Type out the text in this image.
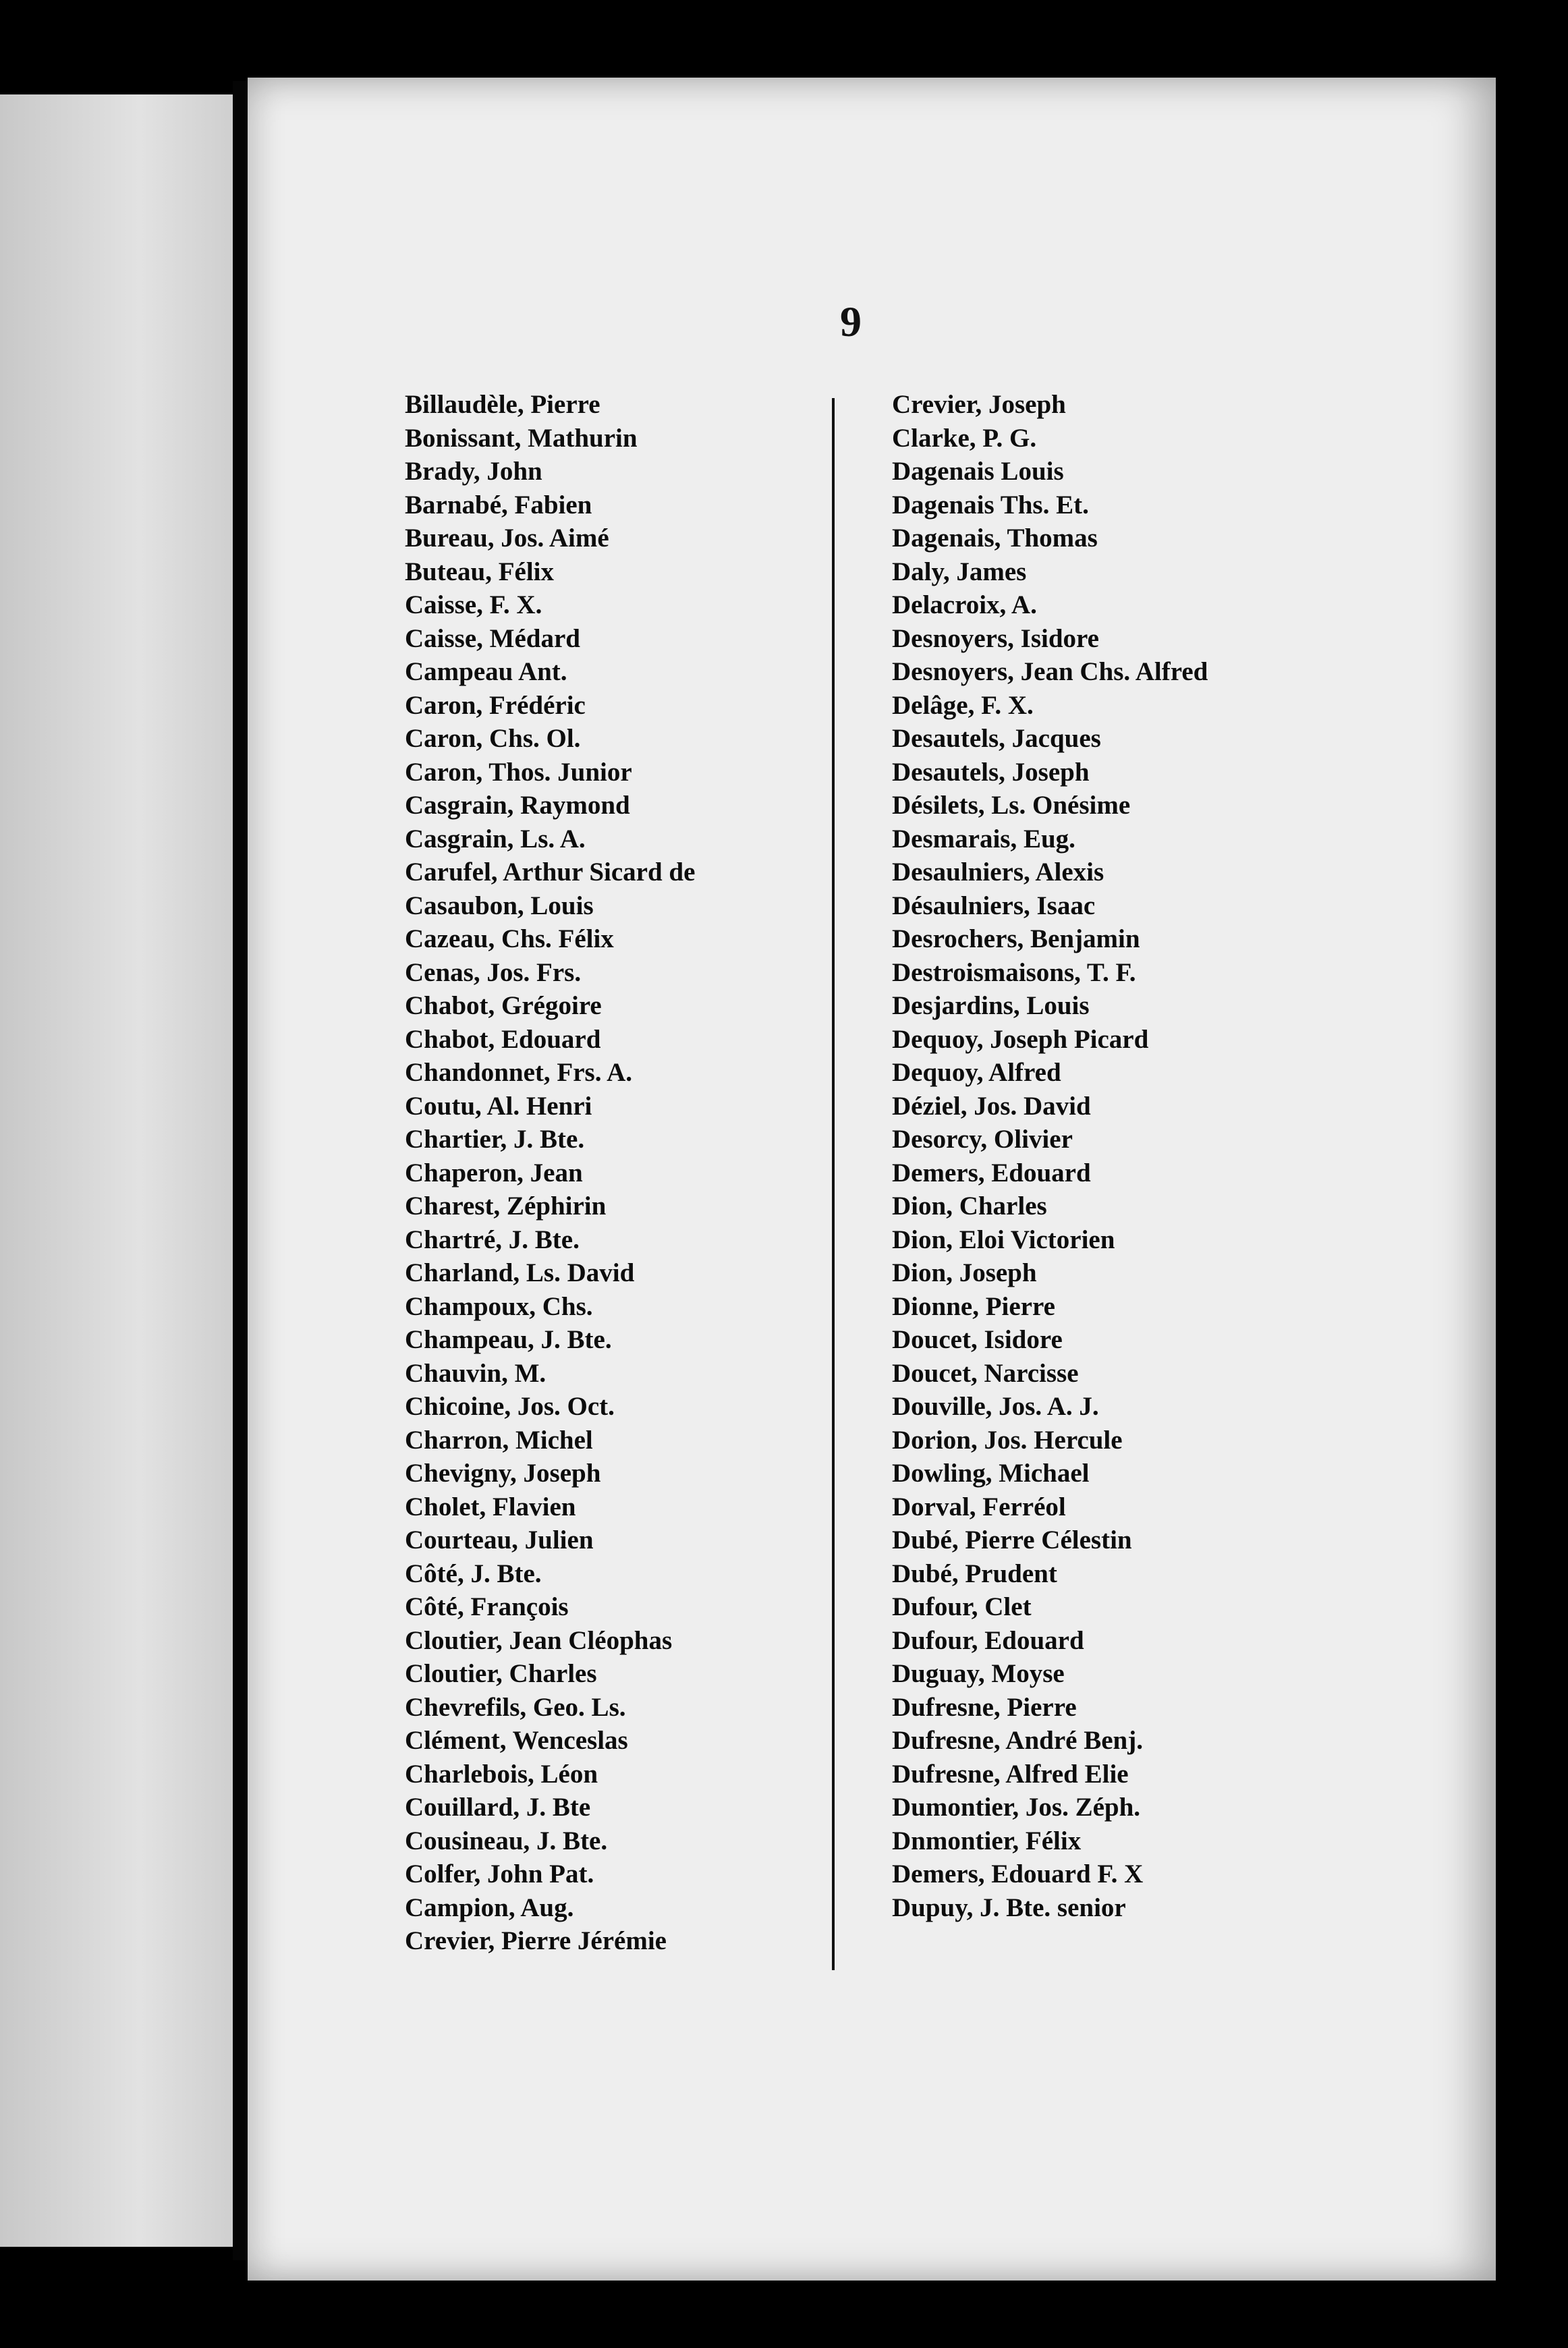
9
Billaudèle, Pierre
Bonissant, Mathurin
Brady, John
Barnabé, Fabien
Bureau, Jos. Aimé
Buteau, Félix
Caisse, F. X.
Caisse, Médard
Campeau Ant.
Caron, Frédéric
Caron, Chs. Ol.
Caron, Thos. Junior
Casgrain, Raymond
Casgrain, Ls. A.
Carufel, Arthur Sicard de
Casaubon, Louis
Cazeau, Chs. Félix
Cenas, Jos. Frs.
Chabot, Grégoire
Chabot, Edouard
Chandonnet, Frs. A.
Coutu, Al. Henri
Chartier, J. Bte.
Chaperon, Jean
Charest, Zéphirin
Chartré, J. Bte.
Charland, Ls. David
Champoux, Chs.
Champeau, J. Bte.
Chauvin, M.
Chicoine, Jos. Oct.
Charron, Michel
Chevigny, Joseph
Cholet, Flavien
Courteau, Julien
Côté, J. Bte.
Côté, François
Cloutier, Jean Cléophas
Cloutier, Charles
Chevrefils, Geo. Ls.
Clément, Wenceslas
Charlebois, Léon
Couillard, J. Bte
Cousineau, J. Bte.
Colfer, John Pat.
Campion, Aug.
Crevier, Pierre Jérémie
Crevier, Joseph
Clarke, P. G.
Dagenais Louis
Dagenais Ths. Et.
Dagenais, Thomas
Daly, James
Delacroix, A.
Desnoyers, Isidore
Desnoyers, Jean Chs. Alfred
Delâge, F. X.
Desautels, Jacques
Desautels, Joseph
Désilets, Ls. Onésime
Desmarais, Eug.
Desaulniers, Alexis
Désaulniers, Isaac
Desrochers, Benjamin
Destroismaisons, T. F.
Desjardins, Louis
Dequoy, Joseph Picard
Dequoy, Alfred
Déziel, Jos. David
Desorcy, Olivier
Demers, Edouard
Dion, Charles
Dion, Eloi Victorien
Dion, Joseph
Dionne, Pierre
Doucet, Isidore
Doucet, Narcisse
Douville, Jos. A. J.
Dorion, Jos. Hercule
Dowling, Michael
Dorval, Ferréol
Dubé, Pierre Célestin
Dubé, Prudent
Dufour, Clet
Dufour, Edouard
Duguay, Moyse
Dufresne, Pierre
Dufresne, André Benj.
Dufresne, Alfred Elie
Dumontier, Jos. Zéph.
Dnmontier, Félix
Demers, Edouard F. X
Dupuy, J. Bte. senior
